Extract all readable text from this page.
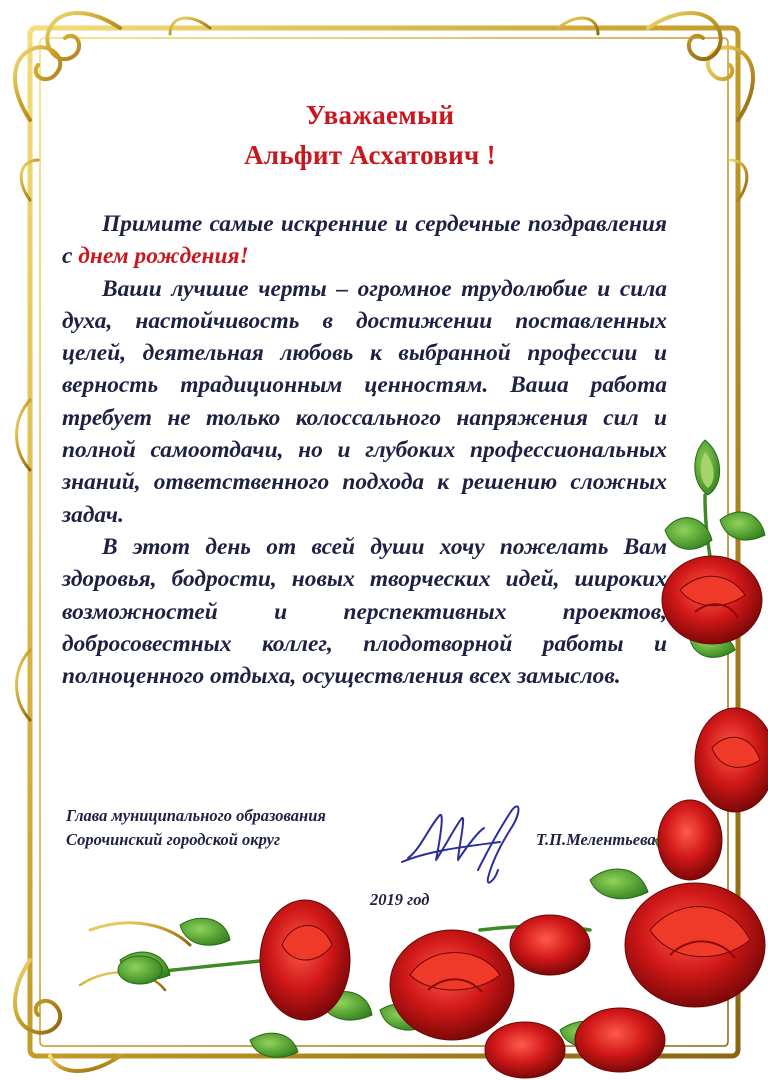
Уважаемый
Альфит Асхатович !

Примите самые искренние и сердечные поздравления с днем рождения!

Ваши лучшие черты – огромное трудолюбие и сила духа, настойчивость в достижении поставленных целей, деятельная любовь к выбранной профессии и верность традиционным ценностям. Ваша работа требует не только колоссального напряжения сил и полной самоотдачи, но и глубоких профессиональных знаний, ответственного подхода к решению сложных задач.

В этот день от всей души хочу пожелать Вам здоровья, бодрости, новых творческих идей, широких возможностей и перспективных проектов, добросовестных коллег, плодотворной работы и полноценного отдыха, осуществления всех замыслов.

Глава муниципального образования
Сорочинский городской округ	Т.П.Мелентьева
2019 год
